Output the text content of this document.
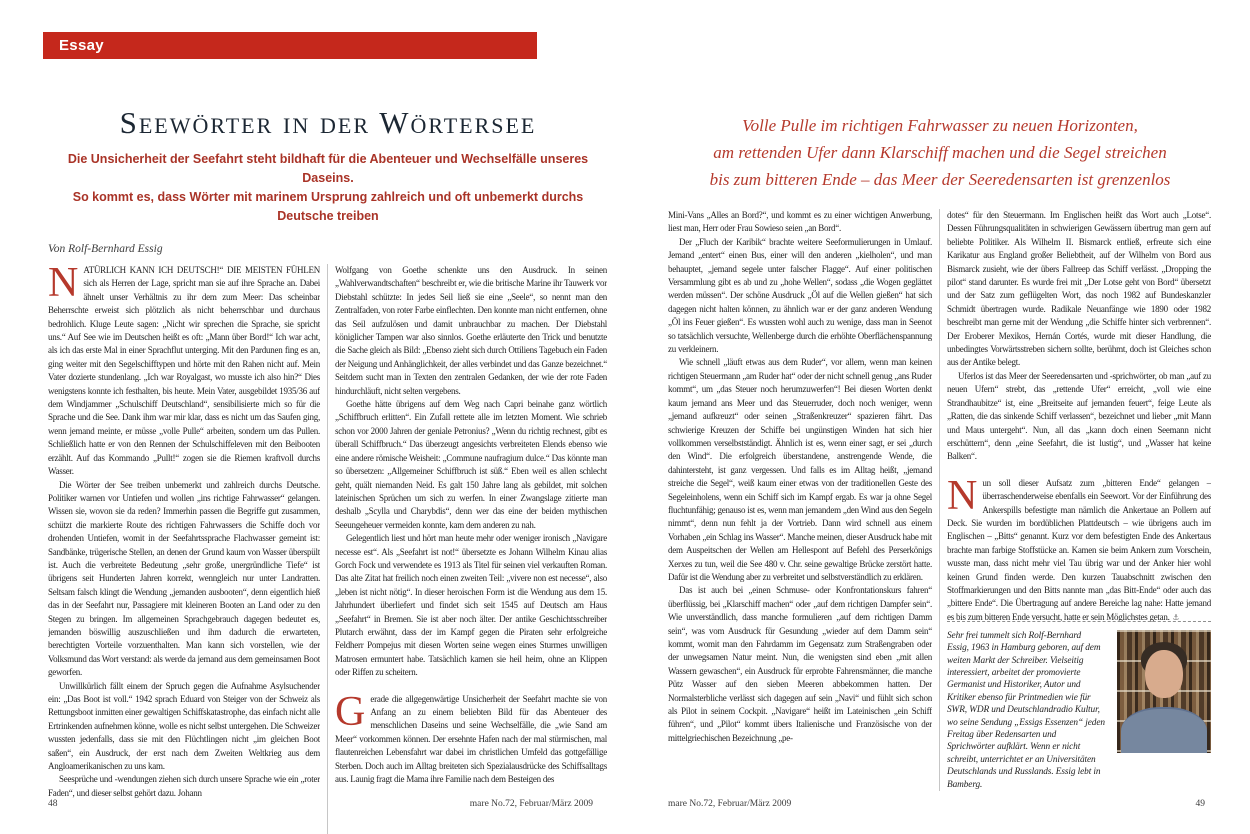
Essay
Seewörter in der Wörtersee
Die Unsicherheit der Seefahrt steht bildhaft für die Abenteuer und Wechselfälle unseres Daseins.
So kommt es, dass Wörter mit marinem Ursprung zahlreich und oft unbemerkt durchs Deutsche treiben
Von Rolf-Bernhard Essig

NATÜRLICH KANN ICH DEUTSCH!“ DIE MEISTEN FÜHLEN sich als Herren der Lage, spricht man sie auf ihre Sprache an. Dabei ähnelt unser Verhältnis zu ihr dem zum Meer: Das scheinbar Beherrschte erweist sich plötzlich als nicht beherrschbar und durchaus bedrohlich. Kluge Leute sagen: „Nicht wir sprechen die Sprache, sie spricht uns.“ Auf See wie im Deutschen heißt es oft: „Mann über Bord!“ Ich war acht, als ich das erste Mal in einer Sprachflut unterging. Mit den Pardunen fing es an, ging weiter mit den Segelschifftypen und hörte mit den Rahen nicht auf. Mein Vater dozierte stundenlang. „Ich war Royalgast, wo musste ich also hin?“ Dies wenigstens konnte ich festhalten, bis heute. Mein Vater, ausgebildet 1935/36 auf dem Windjammer „Schulschiff Deutschland“, sensibilisierte mich so für die Sprache und die See. Dank ihm war mir klar, dass es nicht um das Saufen ging, wenn jemand meinte, er müsse „volle Pulle“ arbeiten, sondern um das Pullen. Schließlich hatte er von den Rennen der Schulschiffeleven mit den Beibooten erzählt. Auf das Kommando „Pullt!“ zogen sie die Riemen kraftvoll durchs Wasser.

Die Wörter der See treiben unbemerkt und zahlreich durchs Deutsche. Politiker warnen vor Untiefen und wollen „ins richtige Fahrwasser“ gelangen. Wissen sie, wovon sie da reden? Immerhin passen die Begriffe gut zusammen, schützt die markierte Route des richtigen Fahrwassers die Schiffe doch vor drohenden Untiefen, womit in der Seefahrtssprache Flachwasser gemeint ist: Sandbänke, trügerische Stellen, an denen der Grund kaum von Wasser überspült ist. Auch die verbreitete Bedeutung „sehr große, unergründliche Tiefe“ ist übrigens seit Hunderten Jahren korrekt, wenngleich nur unter Landratten. Seltsam falsch klingt die Wendung „jemanden ausbooten“, denn eigentlich hieß das in der Seefahrt nur, Passagiere mit kleineren Booten an Land oder zu den Stegen zu bringen. Im allgemeinen Sprachgebrauch dagegen bedeutet es, jemanden böswillig auszuschließen und ihm dadurch die erwarteten, berechtigten Vorteile vorzuenthalten. Man kann sich vorstellen, wie der Volksmund das Wort verstand: als werde da jemand aus dem gemeinsamen Boot geworfen.

Unwillkürlich fällt einem der Spruch gegen die Aufnahme Asylsuchender ein: „Das Boot ist voll.“ 1942 sprach Eduard von Steiger von der Schweiz als Rettungsboot inmitten einer gewaltigen Schiffskatastrophe, das einfach nicht alle Ertrinkenden aufnehmen könne, wolle es nicht selbst untergehen. Die Schweizer wussten jedenfalls, dass sie mit den Flüchtlingen nicht „im gleichen Boot saßen“, ein Ausdruck, der erst nach dem Zweiten Weltkrieg aus dem Angloamerikanischen zu uns kam.

Seesprüche und -wendungen ziehen sich durch unsere Sprache wie ein „roter Faden“, und dieser selbst gehört dazu. Johann

Wolfgang von Goethe schenkte uns den Ausdruck. In seinen „Wahlverwandtschaften“ beschreibt er, wie die britische Marine ihr Tauwerk vor Diebstahl schützte: In jedes Seil ließ sie eine „Seele“, so nennt man den Zentralfaden, von roter Farbe einflechten. Den konnte man nicht entfernen, ohne das Seil aufzulösen und damit unbrauchbar zu machen. Der Diebstahl königlicher Tampen war also sinnlos. Goethe erläuterte den Trick und benutzte die Sache gleich als Bild: „Ebenso zieht sich durch Ottiliens Tagebuch ein Faden der Neigung und Anhänglichkeit, der alles verbindet und das Ganze bezeichnet.“ Seitdem sucht man in Texten den zentralen Gedanken, der wie der rote Faden hindurchläuft, nicht selten vergebens.

Goethe hätte übrigens auf dem Weg nach Capri beinahe ganz wörtlich „Schiffbruch erlitten“. Ein Zufall rettete alle im letzten Moment. Wie schrieb schon vor 2000 Jahren der geniale Petronius? „Wenn du richtig rechnest, gibt es überall Schiffbruch.“ Das überzeugt angesichts verbreiteten Elends ebenso wie eine andere römische Weisheit: „Commune naufragium dulce.“ Das könnte man so übersetzen: „Allgemeiner Schiffbruch ist süß.“ Eben weil es allen schlecht geht, quält niemanden Neid. Es galt 150 Jahre lang als gebildet, mit solchen lateinischen Sprüchen um sich zu werfen. In einer Zwangslage zitierte man deshalb „Scylla und Charybdis“, denn wer das eine der beiden mythischen Seeungeheuer vermeiden konnte, kam dem anderen zu nah.

Gelegentlich liest und hört man heute mehr oder weniger ironisch „Navigare necesse est“. Als „Seefahrt ist not!“ übersetzte es Johann Wilhelm Kinau alias Gorch Fock und verwendete es 1913 als Titel für seinen viel verkauften Roman. Das alte Zitat hat freilich noch einen zweiten Teil: „vivere non est necesse“, also „leben ist nicht nötig“. In dieser heroischen Form ist die Wendung aus dem 15. Jahrhundert überliefert und findet sich seit 1545 auf Deutsch am Haus „Seefahrt“ in Bremen. Sie ist aber noch älter. Der antike Geschichtsschreiber Plutarch erwähnt, dass der im Kampf gegen die Piraten sehr erfolgreiche Feldherr Pompejus mit diesen Worten seine wegen eines Sturmes unwilligen Matrosen ermuntert habe. Tatsächlich kamen sie heil heim, ohne an Klippen oder Riffen zu scheitern.

Gerade die allgegenwärtige Unsicherheit der Seefahrt machte sie von Anfang an zu einem beliebten Bild für das Abenteuer des menschlichen Daseins und seine Wechselfälle, die „wie Sand am Meer“ vorkommen können. Der ersehnte Hafen nach der mal stürmischen, mal flautenreichen Lebensfahrt war dabei im christlichen Umfeld das gottgefällige Sterben. Doch auch im Alltag breiteten sich Spezialausdrücke des Schiffsalltags aus. Launig fragt die Mama ihre Familie nach dem Besteigen des

Volle Pulle im richtigen Fahrwasser zu neuen Horizonten,
am rettenden Ufer dann Klarschiff machen und die Segel streichen
bis zum bitteren Ende – das Meer der Seeredensarten ist grenzenlos

Mini-Vans „Alles an Bord?“, und kommt es zu einer wichtigen Anwerbung, liest man, Herr oder Frau Sowieso seien „an Bord“.

Der „Fluch der Karibik“ brachte weitere Seeformulierungen in Umlauf. Jemand „entert“ einen Bus, einer will den anderen „kielholen“, und man behauptet, „jemand segele unter falscher Flagge“. Auf einer politischen Versammlung gibt es ab und zu „hohe Wellen“, sodass „die Wogen geglättet werden müssen“. Der schöne Ausdruck „Öl auf die Wellen gießen“ hat sich dagegen nicht halten können, zu ähnlich war er der ganz anderen Wendung „Öl ins Feuer gießen“. Es wussten wohl auch zu wenige, dass man in Seenot so tatsächlich versuchte, Wellenberge durch die erhöhte Oberflächenspannung zu verkleinern.

Wie schnell „läuft etwas aus dem Ruder“, vor allem, wenn man keinen richtigen Steuermann „am Ruder hat“ oder der nicht schnell genug „ans Ruder kommt“, um „das Steuer noch herumzuwerfen“! Bei diesen Worten denkt kaum jemand ans Meer und das Steuerruder, doch noch weniger, wenn „jemand aufkreuzt“ oder seinen „Straßenkreuzer“ spazieren fährt. Das schwierige Kreuzen der Schiffe bei ungünstigen Winden hat sich hier vollkommen verselbstständigt. Ähnlich ist es, wenn einer sagt, er sei „durch den Wind“. Die erfolgreich überstandene, anstrengende Wende, die dahintersteht, ist ganz vergessen. Und falls es im Alltag heißt, „jemand streiche die Segel“, weiß kaum einer etwas von der traditionellen Geste des Segeleinholens, wenn ein Schiff sich im Kampf ergab. Es war ja ohne Segel fluchtunfähig; genauso ist es, wenn man jemandem „den Wind aus den Segeln nimmt“, denn nun fehlt ja der Vortrieb. Dann wird schnell aus einem Vorhaben „ein Schlag ins Wasser“. Manche meinen, dieser Ausdruck habe mit dem Auspeitschen der Wellen am Hellespont auf Befehl des Perserkönigs Xerxes zu tun, weil die See 480 v. Chr. seine gewaltige Brücke zerstört hatte. Dafür ist die Wendung aber zu verbreitet und selbstverständlich zu erklären.

Das ist auch bei „einen Schmuse- oder Konfrontationskurs fahren“ überflüssig, bei „Klarschiff machen“ oder „auf dem richtigen Dampfer sein“. Wie unverständlich, dass manche formulieren „auf dem richtigen Damm sein“, was vom Ausdruck für Gesundung „wieder auf dem Damm sein“ kommt, womit man den Fahrdamm im Gegensatz zum Straßengraben oder der unwegsamen Natur meint. Nun, die wenigsten sind eben „mit allen Wassern gewaschen“, ein Ausdruck für erprobte Fahrensmänner, die manche Pütz Wasser auf den sieben Meeren abbekommen hatten. Der Normalsterbliche verlässt sich dagegen auf sein „Navi“ und fühlt sich schon als Pilot in seinem Cockpit. „Navigare“ heißt im Lateinischen „ein Schiff führen“, und „Pilot“ kommt übers Italienische und Französische von der mittelgriechischen Bezeichnung „pe-

dotes“ für den Steuermann. Im Englischen heißt das Wort auch „Lotse“. Dessen Führungsqualitäten in schwierigen Gewässern übertrug man gern auf beliebte Politiker. Als Wilhelm II. Bismarck entließ, erfreute sich eine Karikatur aus England großer Beliebtheit, auf der Wilhelm von Bord aus Bismarck zusieht, wie der übers Fallreep das Schiff verlässt. „Dropping the pilot“ stand darunter. Es wurde frei mit „Der Lotse geht von Bord“ übersetzt und der Satz zum geflügelten Wort, das noch 1982 auf Bundeskanzler Schmidt übertragen wurde. Radikale Neuanfänge wie 1890 oder 1982 beschreibt man gerne mit der Wendung „die Schiffe hinter sich verbrennen“. Der Eroberer Mexikos, Hernán Cortés, wurde mit dieser Handlung, die unbedingtes Vorwärtsstreben sichern sollte, berühmt, doch ist Gleiches schon aus der Antike belegt.

Uferlos ist das Meer der Seeredensarten und -sprichwörter, ob man „auf zu neuen Ufern“ strebt, das „rettende Ufer“ erreicht, „voll wie eine Strandhaubitze“ ist, eine „Breitseite auf jemanden feuert“, feige Leute als „Ratten, die das sinkende Schiff verlassen“, bezeichnet und lieber „mit Mann und Maus untergeht“. Nun, all das „kann doch einen Seemann nicht erschüttern“, denn „eine Seefahrt, die ist lustig“, und „Wasser hat keine Balken“.

Nun soll dieser Aufsatz zum „bitteren Ende“ gelangen – überraschenderweise ebenfalls ein Seewort. Vor der Einführung des Ankerspills befestigte man nämlich die Ankertaue an Pollern auf Deck. Sie wurden im bordüblichen Plattdeutsch – wie übrigens auch im Englischen – „Bitts“ genannt. Kurz vor dem befestigten Ende des Ankertaus brachte man farbige Stoffstücke an. Kamen sie beim Ankern zum Vorschein, wusste man, dass nicht mehr viel Tau übrig war und der Anker hier wohl keinen Grund finden werde. Den kurzen Tauabschnitt zwischen den Stoffmarkierungen und den Bitts nannte man „das Bitt-Ende“ oder auch das „bittere Ende“. Die Übertragung auf andere Bereiche lag nahe: Hatte jemand es bis zum bitteren Ende versucht, hatte er sein Möglichstes getan. ⚓

Sehr frei tummelt sich Rolf-Bernhard Essig, 1963 in Hamburg geboren, auf dem weiten Markt der Schreiber. Vielseitig interessiert, arbeitet der promovierte Germanist und Historiker, Autor und Kritiker ebenso für Printmedien wie für SWR, WDR und Deutschlandradio Kultur, wo seine Sendung „Essigs Essenzen“ jeden Freitag über Redensarten und Sprichwörter aufklärt. Wenn er nicht schreibt, unterrichtet er an Universitäten Deutschlands und Russlands. Essig lebt in Bamberg.
48	mare No.72, Februar/März 2009	mare No.72, Februar/März 2009	49
